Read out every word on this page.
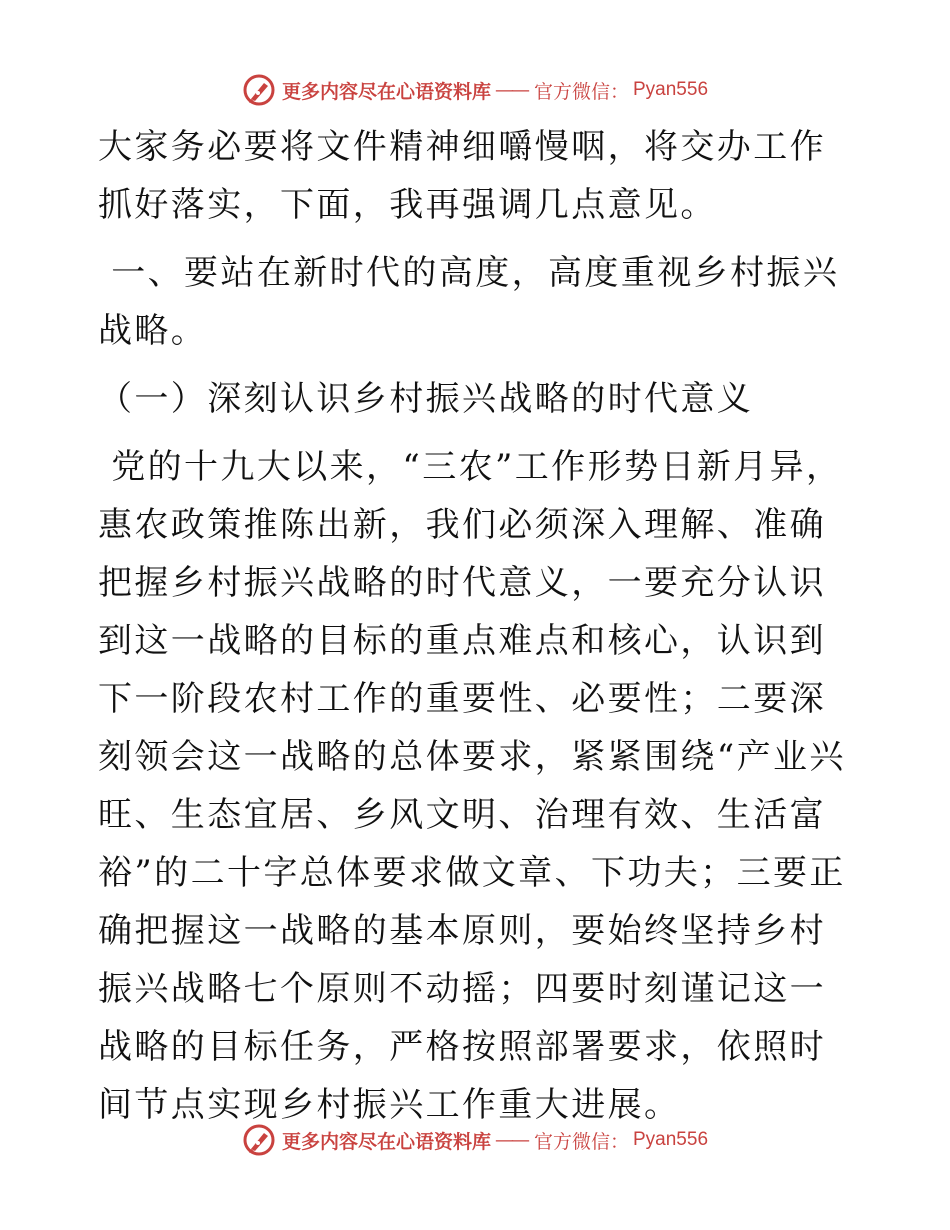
更多内容尽在心语资料库 —— 官方微信： Pyan556

大家务必要将文件精神细嚼慢咽，将交办工作抓好落实，下面，我再强调几点意见。

一、要站在新时代的高度，高度重视乡村振兴战略。

（一）深刻认识乡村振兴战略的时代意义

党的十九大以来，“三农”工作形势日新月异，惠农政策推陈出新，我们必须深入理解、准确把握乡村振兴战略的时代意义，一要充分认识到这一战略的目标的重点难点和核心，认识到下一阶段农村工作的重要性、必要性；二要深刻领会这一战略的总体要求，紧紧围绕“产业兴旺、生态宜居、乡风文明、治理有效、生活富裕”的二十字总体要求做文章、下功夫；三要正确把握这一战略的基本原则，要始终坚持乡村振兴战略七个原则不动摇；四要时刻谨记这一战略的目标任务，严格按照部署要求，依照时间节点实现乡村振兴工作重大进展。

更多内容尽在心语资料库 —— 官方微信： Pyan556
